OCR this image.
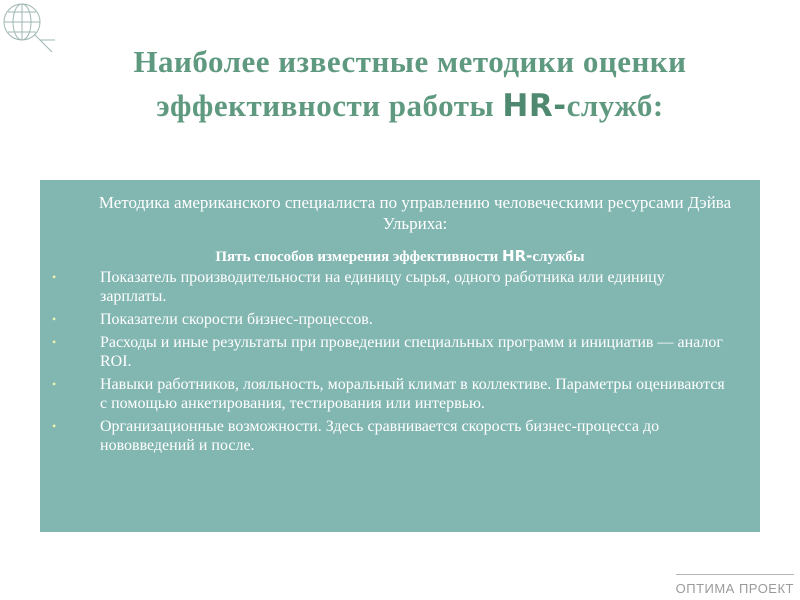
Наиболее известные методики оценки
эффективности работы HR-служб:
Методика американского специалиста по управлению человеческими ресурсами Дэйва Ульриха:
Пять способов измерения эффективности HR-службы
•	Показатель производительности на единицу сырья, одного работника или единицу зарплаты.
•	Показатели скорости бизнес-процессов.
•	Расходы и иные результаты при проведении специальных программ и инициатив — аналог ROI.
•	Навыки работников, лояльность, моральный климат в коллективе. Параметры оцениваются с помощью анкетирования, тестирования или интервью.
•	Организационные возможности. Здесь сравнивается скорость бизнес-процесса до нововведений и после.
ОПТИМА ПРОЕКТ
